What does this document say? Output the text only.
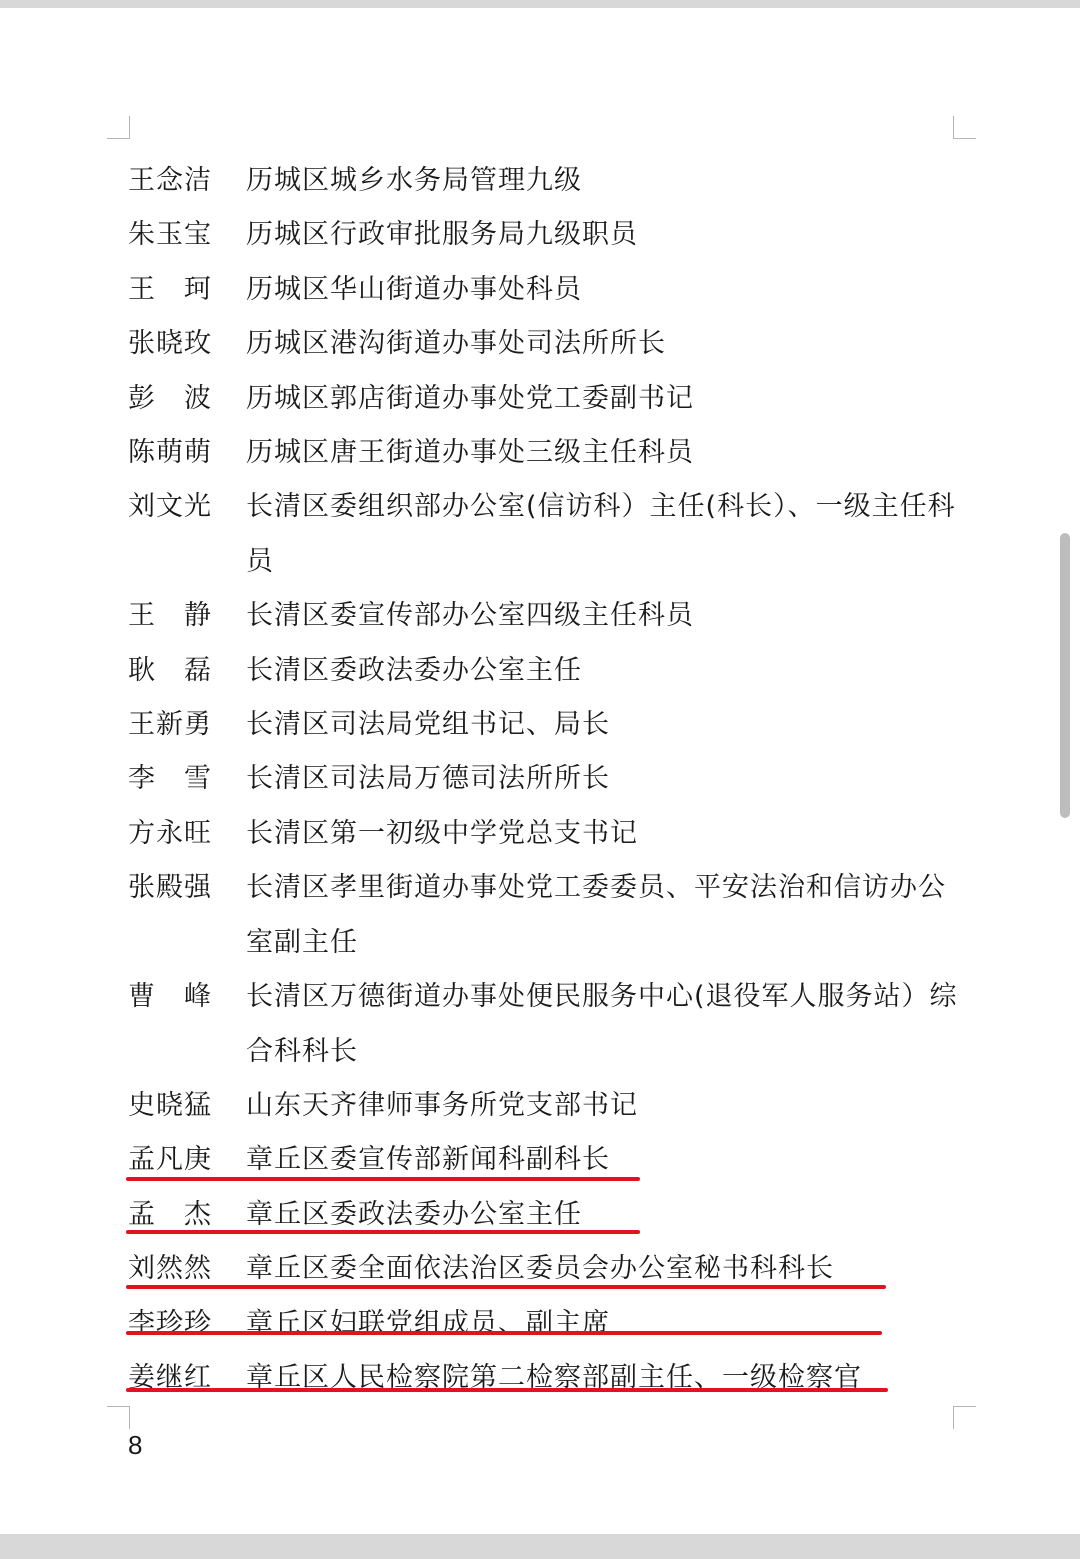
王念洁	历城区城乡水务局管理九级
朱玉宝	历城区行政审批服务局九级职员
王　珂	历城区华山街道办事处科员
张晓玫	历城区港沟街道办事处司法所所长
彭　波	历城区郭店街道办事处党工委副书记
陈萌萌	历城区唐王街道办事处三级主任科员
刘文光	长清区委组织部办公室(信访科）主任(科长）、一级主任科员
王　静	长清区委宣传部办公室四级主任科员
耿　磊	长清区委政法委办公室主任
王新勇	长清区司法局党组书记、局长
李　雪	长清区司法局万德司法所所长
方永旺	长清区第一初级中学党总支书记
张殿强	长清区孝里街道办事处党工委委员、平安法治和信访办公室副主任
曹　峰	长清区万德街道办事处便民服务中心(退役军人服务站）综合科科长
史晓猛	山东天齐律师事务所党支部书记
孟凡庚	章丘区委宣传部新闻科副科长
孟　杰	章丘区委政法委办公室主任
刘然然	章丘区委全面依法治区委员会办公室秘书科科长
李珍珍	章丘区妇联党组成员、副主席
姜继红	章丘区人民检察院第二检察部副主任、一级检察官
8
